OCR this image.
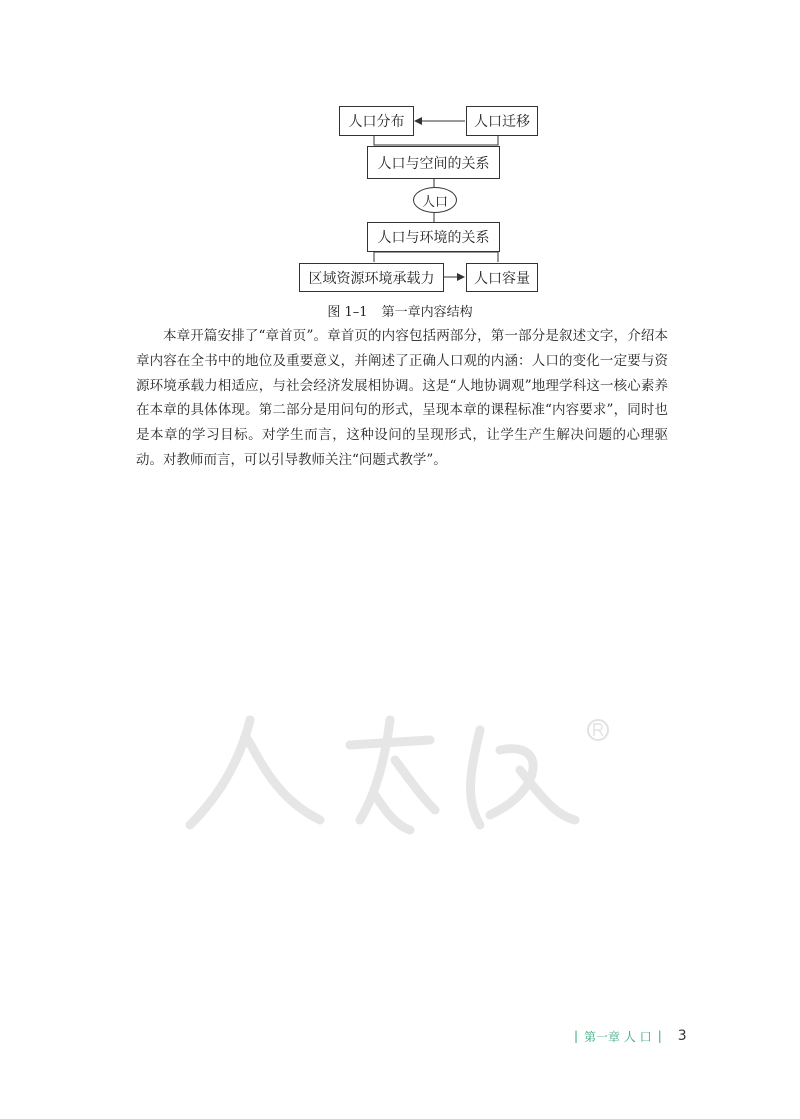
人口分布	人口迁移
人口与空间的关系
人口
人口与环境的关系
区域资源环境承载力	人口容量
图 1–1 第一章内容结构
本章开篇安排了“章首页”。章首页的内容包括两部分，第一部分是叙述文字，介绍本章内容在全书中的地位及重要意义，并阐述了正确人口观的内涵：人口的变化一定要与资源环境承载力相适应，与社会经济发展相协调。这是“人地协调观”地理学科这一核心素养在本章的具体体现。第二部分是用问句的形式，呈现本章的课程标准“内容要求”，同时也是本章的学习目标。对学生而言，这种设问的呈现形式，让学生产生解决问题的心理驱动。对教师而言，可以引导教师关注“问题式教学”。
| 第一章 人 口 | 3
